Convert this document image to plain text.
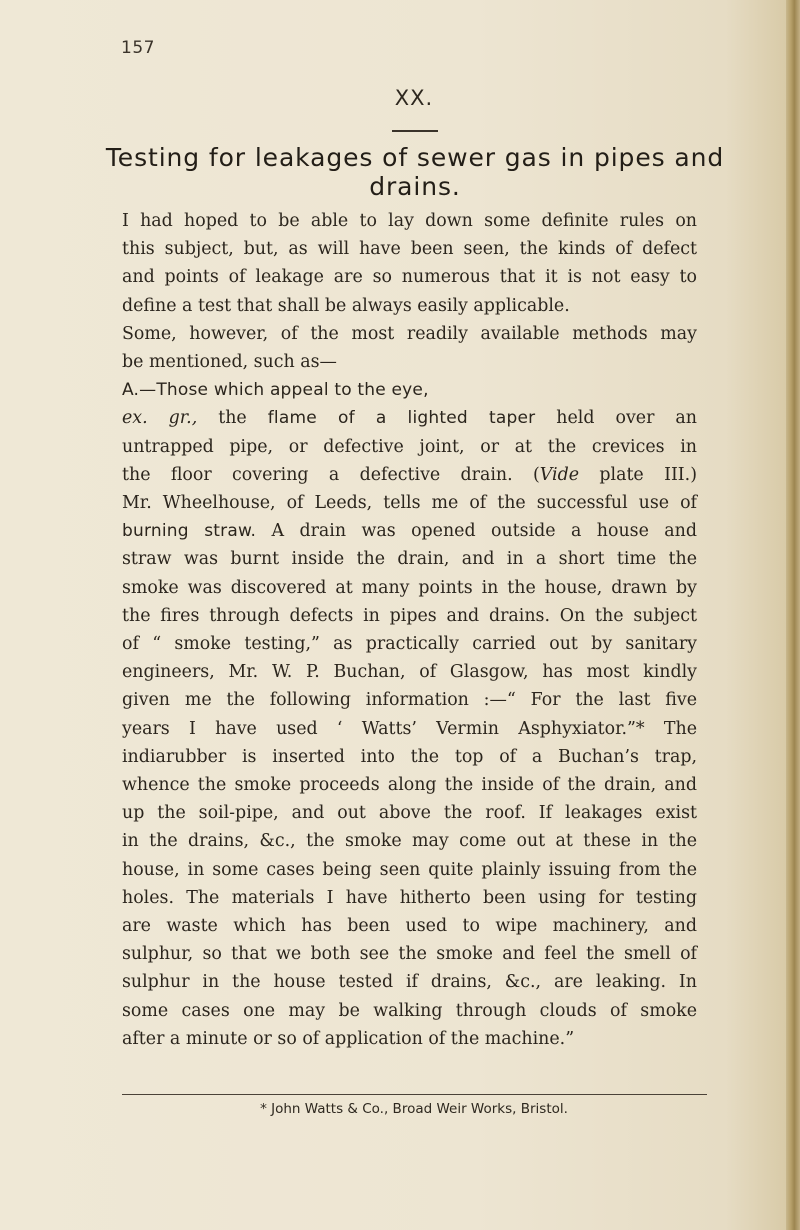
157
XX.
Testing for leakages of sewer gas in pipes and drains.
I had hoped to be able to lay down some definite rules on
this subject, but, as will have been seen, the kinds of defect
and points of leakage are so numerous that it is not easy to
define a test that shall be always easily applicable.
Some, however, of the most readily available methods may
be mentioned, such as—
A.—Those which appeal to the eye,
ex. gr., the flame of a lighted taper held over an
untrapped pipe, or defective joint, or at the crevices in
the floor covering a defective drain. (Vide plate III.)
Mr. Wheelhouse, of Leeds, tells me of the successful use of
burning straw. A drain was opened outside a house and
straw was burnt inside the drain, and in a short time the
smoke was discovered at many points in the house, drawn by
the fires through defects in pipes and drains. On the subject
of “ smoke testing,” as practically carried out by sanitary
engineers, Mr. W. P. Buchan, of Glasgow, has most kindly
given me the following information :—“ For the last five
years I have used ‘ Watts’ Vermin Asphyxiator.”* The
indiarubber is inserted into the top of a Buchan’s trap,
whence the smoke proceeds along the inside of the drain, and
up the soil-pipe, and out above the roof. If leakages exist
in the drains, &c., the smoke may come out at these in the
house, in some cases being seen quite plainly issuing from the
holes. The materials I have hitherto been using for testing
are waste which has been used to wipe machinery, and
sulphur, so that we both see the smoke and feel the smell of
sulphur in the house tested if drains, &c., are leaking. In
some cases one may be walking through clouds of smoke
after a minute or so of application of the machine.”
* John Watts & Co., Broad Weir Works, Bristol.
